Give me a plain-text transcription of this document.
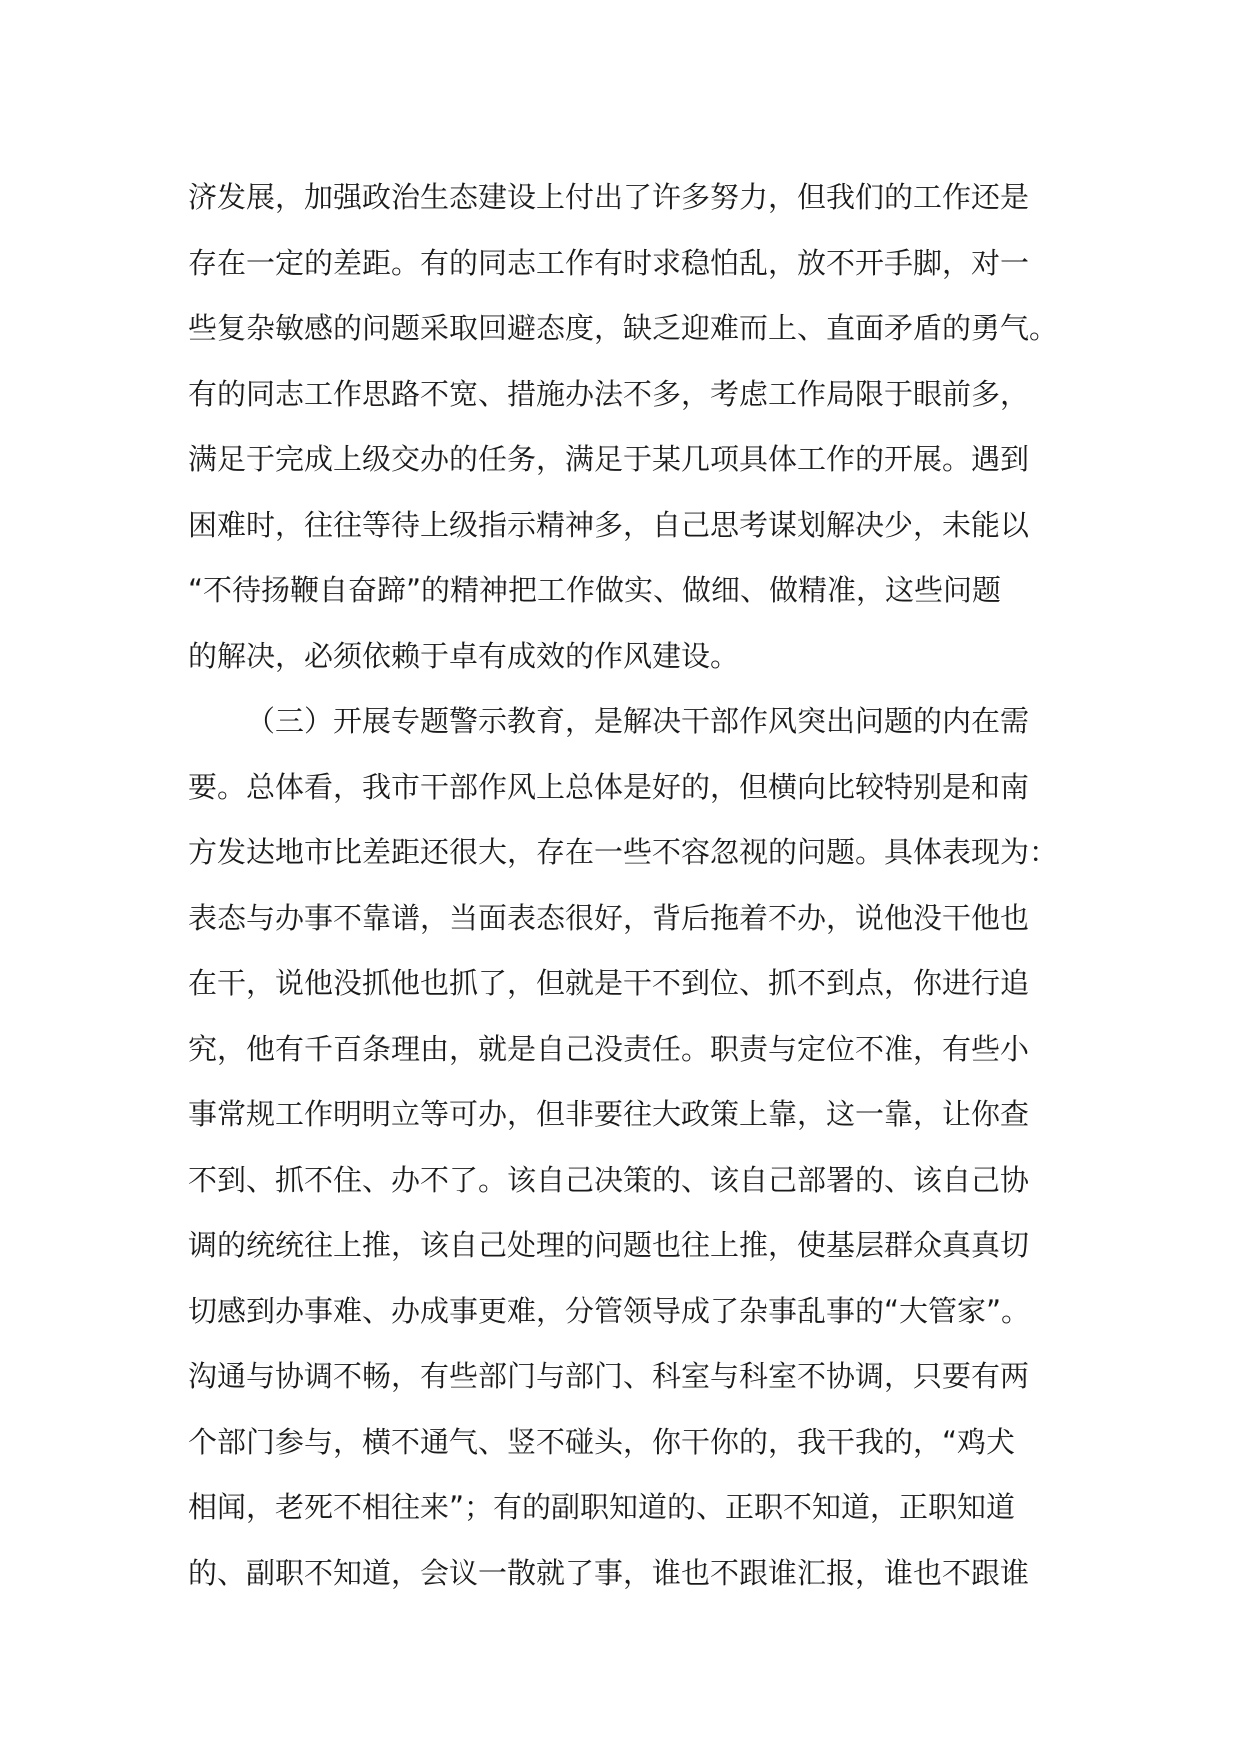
济发展，加强政治生态建设上付出了许多努力，但我们的工作还是
存在一定的差距。有的同志工作有时求稳怕乱，放不开手脚，对一
些复杂敏感的问题采取回避态度，缺乏迎难而上、直面矛盾的勇气。
有的同志工作思路不宽、措施办法不多，考虑工作局限于眼前多，
满足于完成上级交办的任务，满足于某几项具体工作的开展。遇到
困难时，往往等待上级指示精神多，自己思考谋划解决少，未能以
“不待扬鞭自奋蹄”的精神把工作做实、做细、做精准，这些问题
的解决，必须依赖于卓有成效的作风建设。
（三）开展专题警示教育，是解决干部作风突出问题的内在需
要。总体看，我市干部作风上总体是好的，但横向比较特别是和南
方发达地市比差距还很大，存在一些不容忽视的问题。具体表现为：
表态与办事不靠谱，当面表态很好，背后拖着不办，说他没干他也
在干，说他没抓他也抓了，但就是干不到位、抓不到点，你进行追
究，他有千百条理由，就是自己没责任。职责与定位不准，有些小
事常规工作明明立等可办，但非要往大政策上靠，这一靠，让你查
不到、抓不住、办不了。该自己决策的、该自己部署的、该自己协
调的统统往上推，该自己处理的问题也往上推，使基层群众真真切
切感到办事难、办成事更难，分管领导成了杂事乱事的“大管家”。
沟通与协调不畅，有些部门与部门、科室与科室不协调，只要有两
个部门参与，横不通气、竖不碰头，你干你的，我干我的，“鸡犬
相闻，老死不相往来”；有的副职知道的、正职不知道，正职知道
的、副职不知道，会议一散就了事，谁也不跟谁汇报，谁也不跟谁
